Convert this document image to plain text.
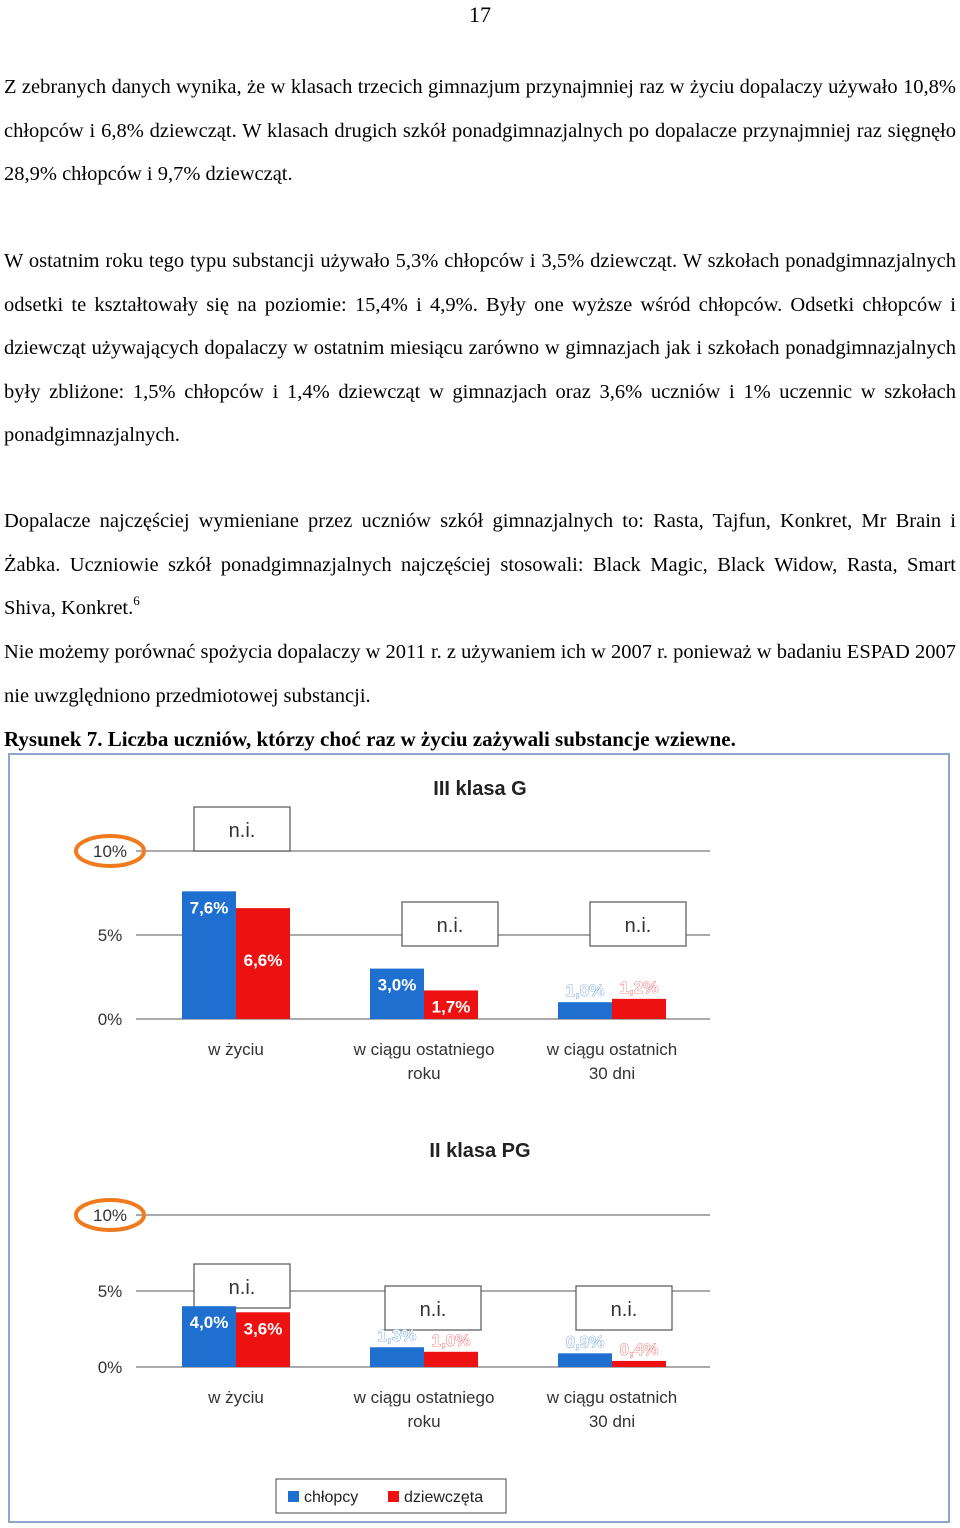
17

Z zebranych danych wynika, że w klasach trzecich gimnazjum przynajmniej raz w życiu dopalaczy używało 10,8% chłopców i 6,8% dziewcząt. W klasach drugich szkół ponadgimnazjalnych po dopalacze przynajmniej raz sięgnęło 28,9% chłopców i 9,7% dziewcząt.

W ostatnim roku tego typu substancji używało 5,3% chłopców i 3,5% dziewcząt. W szkołach ponadgimnazjalnych odsetki te kształtowały się na poziomie: 15,4% i 4,9%. Były one wyższe wśród chłopców. Odsetki chłopców i dziewcząt używających dopalaczy w ostatnim miesiącu zarówno w gimnazjach jak i szkołach ponadgimnazjalnych były zbliżone: 1,5% chłopców i 1,4% dziewcząt w gimnazjach oraz 3,6% uczniów i 1% uczennic w szkołach ponadgimnazjalnych.

Dopalacze najczęściej wymieniane przez uczniów szkół gimnazjalnych to: Rasta, Tajfun, Konkret, Mr Brain i Żabka. Uczniowie szkół ponadgimnazjalnych najczęściej stosowali: Black Magic, Black Widow, Rasta, Smart Shiva, Konkret.$^6$

Nie możemy porównać spożycia dopalaczy w 2011 r. z używaniem ich w 2007 r. ponieważ w badaniu ESPAD 2007 nie uwzględniono przedmiotowej substancji.

Rysunek 7. Liczba uczniów, którzy choć raz w życiu zażywali substancje wziewne.
III klasa G
0%
5%
10%
n.i.
n.i.	n.i.
7,6%
6,6%
w życiu
3,0%
1,7%
w ciągu ostatniego
roku
1,0% 1,2%
w ciągu ostatnich
30 dni
II klasa PG
0%
5%
10%
n.i.
n.i.	n.i.
4,0% 3,6%
w życiu
1,3% 1,0%
w ciągu ostatniego
roku
0,9% 0,4%
w ciągu ostatnich
30 dni
chłopcy	dziewczęta
